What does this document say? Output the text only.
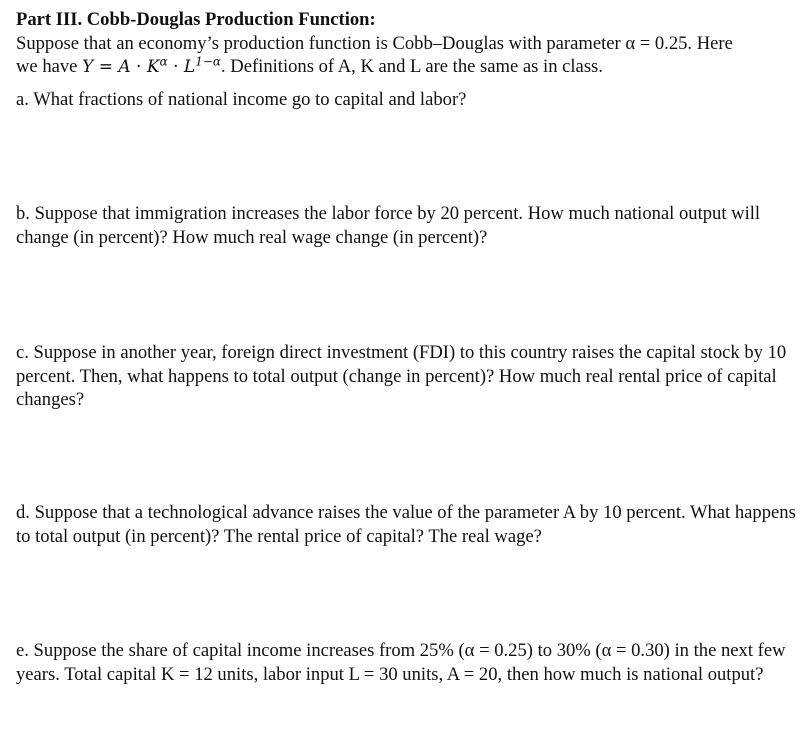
Part III. Cobb-Douglas Production Function:

Suppose that an economy’s production function is Cobb–Douglas with parameter α = 0.25. Here
we have $Y = A \cdot K^\alpha \cdot L^{1-\alpha}$. Definitions of A, K and L are the same as in class.

a. What fractions of national income go to capital and labor?

b. Suppose that immigration increases the labor force by 20 percent. How much national output will change (in percent)? How much real wage change (in percent)?

c. Suppose in another year, foreign direct investment (FDI) to this country raises the capital stock by 10 percent. Then, what happens to total output (change in percent)? How much real rental price of capital changes?

d. Suppose that a technological advance raises the value of the parameter A by 10 percent. What happens to total output (in percent)? The rental price of capital? The real wage?

e. Suppose the share of capital income increases from 25% (α = 0.25) to 30% (α = 0.30) in the next few years. Total capital K = 12 units, labor input L = 30 units, A = 20, then how much is national output?
